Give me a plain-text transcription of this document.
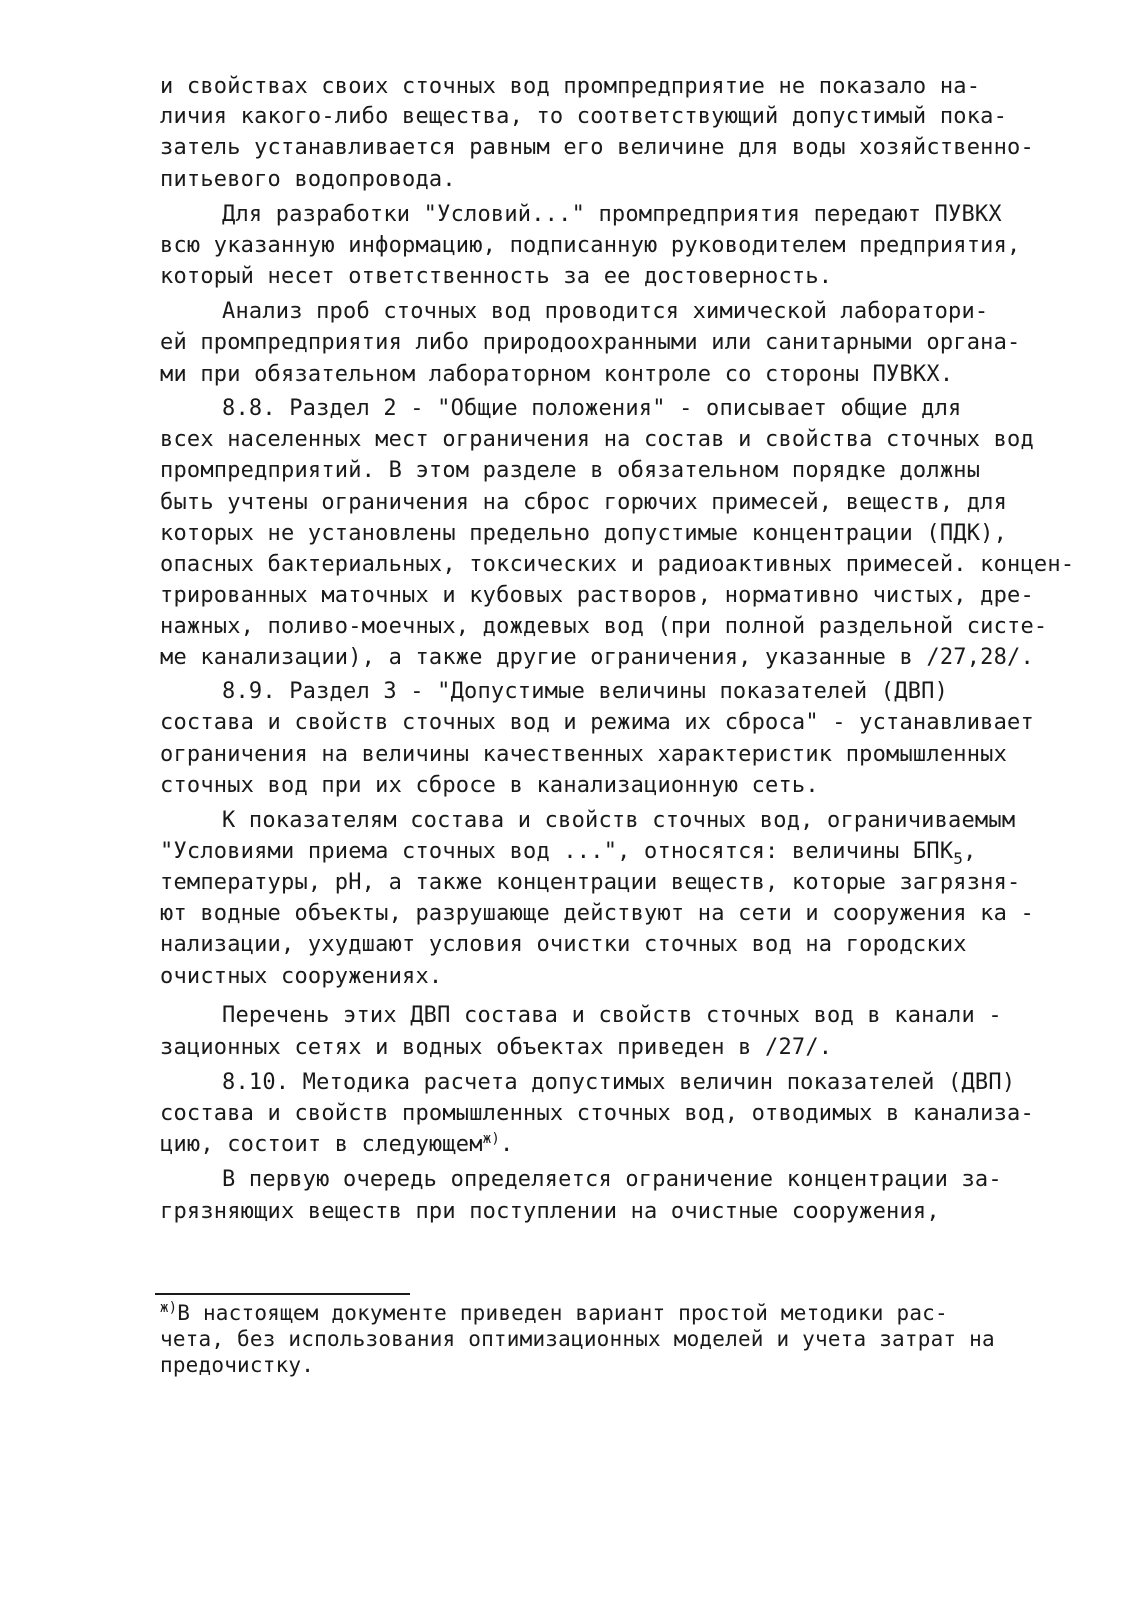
и свойствах своих сточных вод промпредприятие не показало на-
личия какого-либо вещества, то соответствующий допустимый пока-
затель устанавливается равным его величине для воды хозяйственно-
питьевого водопровода.
Для разработки "Условий..." промпредприятия передают ПУВКХ
всю указанную информацию, подписанную руководителем предприятия,
который несет ответственность за ее достоверность.
Анализ проб сточных вод проводится химической лаборатори-
ей промпредприятия либо природоохранными или санитарными органа-
ми при обязательном лабораторном контроле со стороны ПУВКХ.
8.8. Раздел 2 - "Общие положения" - описывает общие для
всех населенных мест ограничения на состав и свойства сточных вод
промпредприятий. В этом разделе в обязательном порядке должны
быть учтены ограничения на сброс горючих примесей, веществ, для
которых не установлены предельно допустимые концентрации (ПДК),
опасных бактериальных, токсических и радиоактивных примесей. концен-
трированных маточных и кубовых растворов, нормативно чистых, дре-
нажных, поливо-моечных, дождевых вод (при полной раздельной систе-
ме канализации), а также другие ограничения, указанные в /27,28/.
8.9. Раздел 3 - "Допустимые величины показателей (ДВП)
состава и свойств сточных вод и режима их сброса" - устанавливает
ограничения на величины качественных характеристик промышленных
сточных вод при их сбросе в канализационную сеть.
К показателям состава и свойств сточных вод, ограничиваемым
"Условиями приема сточных вод ...", относятся: величины $БПК_5$,
температуры, pH, а также концентрации веществ, которые загрязня-
ют водные объекты, разрушающе действуют на сети и сооружения ка -
нализации, ухудшают условия очистки сточных вод на городских
очистных сооружениях.
Перечень этих ДВП состава и свойств сточных вод в канали -
зационных сетях и водных объектах приведен в /27/.
8.10. Методика расчета допустимых величин показателей (ДВП)
состава и свойств промышленных сточных вод, отводимых в канализа-
цию, состоит в следующем$^{ж)}$.
В первую очередь определяется ограничение концентрации за-
грязняющих веществ при поступлении на очистные сооружения,
$^{ж)}$В настоящем документе приведен вариант простой методики рас-
чета, без использования оптимизационных моделей и учета затрат на
предочистку.
